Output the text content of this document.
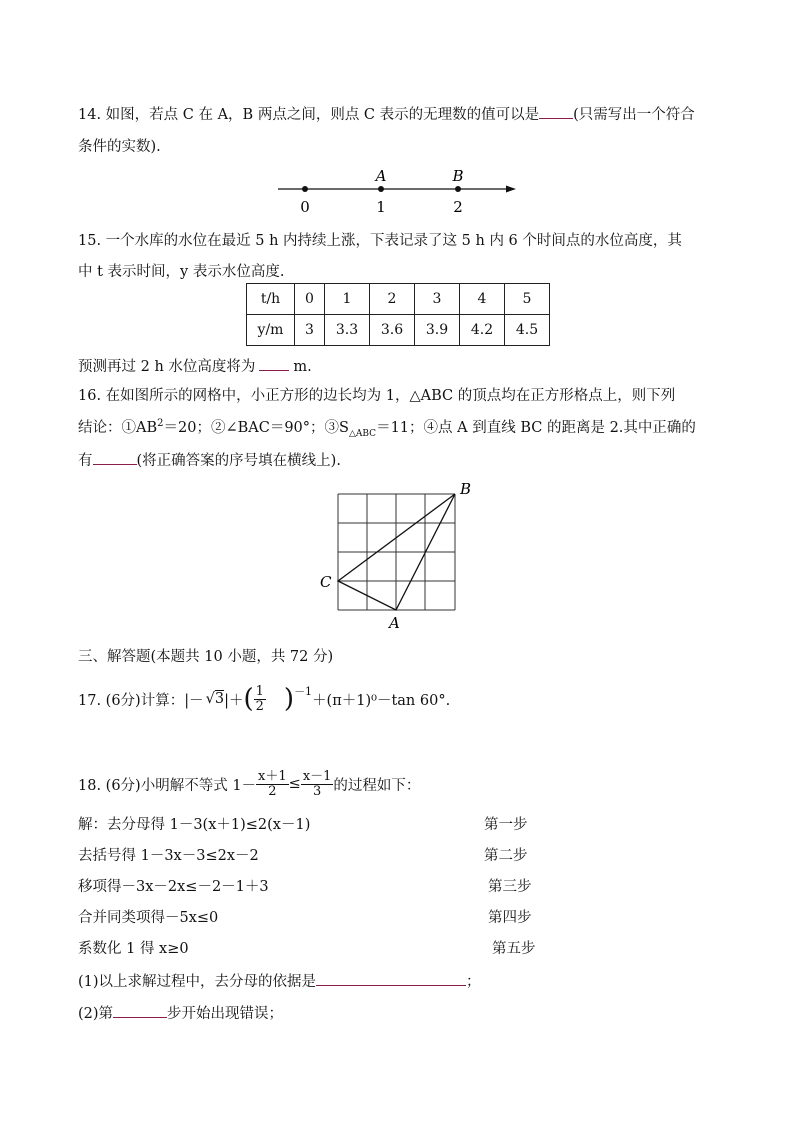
14. 如图，若点 C 在 A，B 两点之间，则点 C 表示的无理数的值可以是 (只需写出一个符合
条件的实数).
A	B
0	1	2
15. 一个水库的水位在最近 5 h 内持续上涨，下表记录了这 5 h 内 6 个时间点的水位高度，其
中 t 表示时间，y 表示水位高度.
t/h	0	1	2	3	4	5
y/m	3	3.3	3.6	3.9	4.2	4.5
预测再过 2 h 水位高度将为	m.
16. 在如图所示的网格中，小正方形的边长均为 1，△ABC 的顶点均在正方形格点上，则下列
结论：$①AB^2=20$；②∠BAC＝90°；$③S_{\triangle ABC}=11$；④点 A 到直线 BC 的距离是 2.其中正确的
有	(将正确答案的序号填在横线上).
B
C
A
三、解答题(本题共 10 小题，共 72 分)
17. (6分)计算：|－ √ 3 |＋ ( $\frac{1}{2}$ ) －1
＋(π＋1)⁰－tan 60°.
18. (6分)小明解不等式 $1- \frac{x+1}{2} \le \frac{x-1}{3}$ 的过程如下：
解：去分母得 1－3(x＋1)≤2(x－1)	第一步
去括号得 1－3x－3≤2x－2	第二步
移项得－3x－2x≤－2－1＋3	第三步
合并同类项得－5x≤0	第四步
系数化 1 得 x≥0	第五步
(1)以上求解过程中，去分母的依据是	；
(2)第	步开始出现错误；
